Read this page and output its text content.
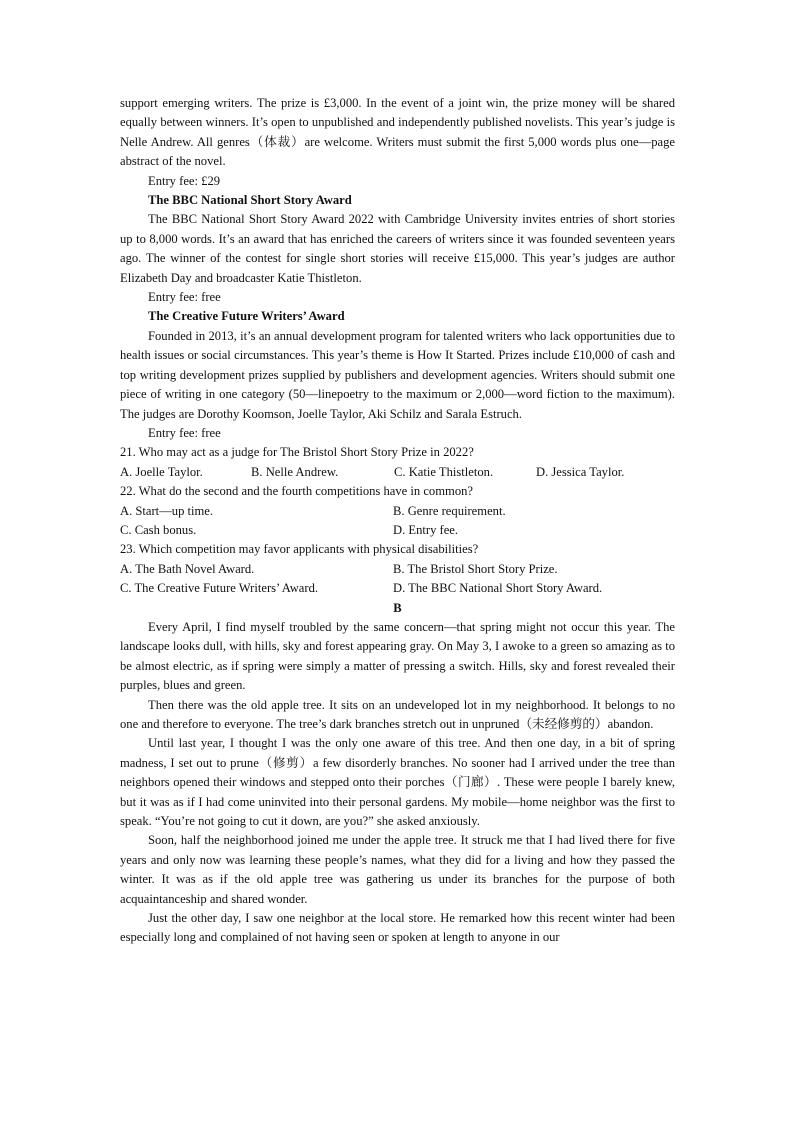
support emerging writers. The prize is £3,000. In the event of a joint win, the prize money will be shared equally between winners. It’s open to unpublished and independently published novelists. This year’s judge is Nelle Andrew. All genres（体裁）are welcome. Writers must submit the first 5,000 words plus one—page abstract of the novel.

Entry fee: £29

The BBC National Short Story Award

The BBC National Short Story Award 2022 with Cambridge University invites entries of short stories up to 8,000 words. It’s an award that has enriched the careers of writers since it was founded seventeen years ago. The winner of the contest for single short stories will receive £15,000. This year’s judges are author Elizabeth Day and broadcaster Katie Thistleton.

Entry fee: free

The Creative Future Writers’ Award

Founded in 2013, it’s an annual development program for talented writers who lack opportunities due to health issues or social circumstances. This year’s theme is How It Started. Prizes include £10,000 of cash and top writing development prizes supplied by publishers and development agencies. Writers should submit one piece of writing in one category (50—linepoetry to the maximum or 2,000—word fiction to the maximum). The judges are Dorothy Koomson, Joelle Taylor, Aki Schilz and Sarala Estruch.

Entry fee: free

21. Who may act as a judge for The Bristol Short Story Prize in 2022?

A. Joelle Taylor.	B. Nelle Andrew.	C. Katie Thistleton.	D. Jessica Taylor.

22. What do the second and the fourth competitions have in common?

A. Start—up time.	B. Genre requirement.
C. Cash bonus.	D. Entry fee.

23. Which competition may favor applicants with physical disabilities?

A. The Bath Novel Award.	B. The Bristol Short Story Prize.
C. The Creative Future Writers’ Award.	D. The BBC National Short Story Award.

B

Every April, I find myself troubled by the same concern—that spring might not occur this year. The landscape looks dull, with hills, sky and forest appearing gray. On May 3, I awoke to a green so amazing as to be almost electric, as if spring were simply a matter of pressing a switch. Hills, sky and forest revealed their purples, blues and green.

Then there was the old apple tree. It sits on an undeveloped lot in my neighborhood. It belongs to no one and therefore to everyone. The tree’s dark branches stretch out in unpruned（未经修剪的）abandon.

Until last year, I thought I was the only one aware of this tree. And then one day, in a bit of spring madness, I set out to prune（修剪）a few disorderly branches. No sooner had I arrived under the tree than neighbors opened their windows and stepped onto their porches（门廊）. These were people I barely knew, but it was as if I had come uninvited into their personal gardens. My mobile—home neighbor was the first to speak. “You’re not going to cut it down, are you?” she asked anxiously.

Soon, half the neighborhood joined me under the apple tree. It struck me that I had lived there for five years and only now was learning these people’s names, what they did for a living and how they passed the winter. It was as if the old apple tree was gathering us under its branches for the purpose of both acquaintanceship and shared wonder.

Just the other day, I saw one neighbor at the local store. He remarked how this recent winter had been especially long and complained of not having seen or spoken at length to anyone in our
